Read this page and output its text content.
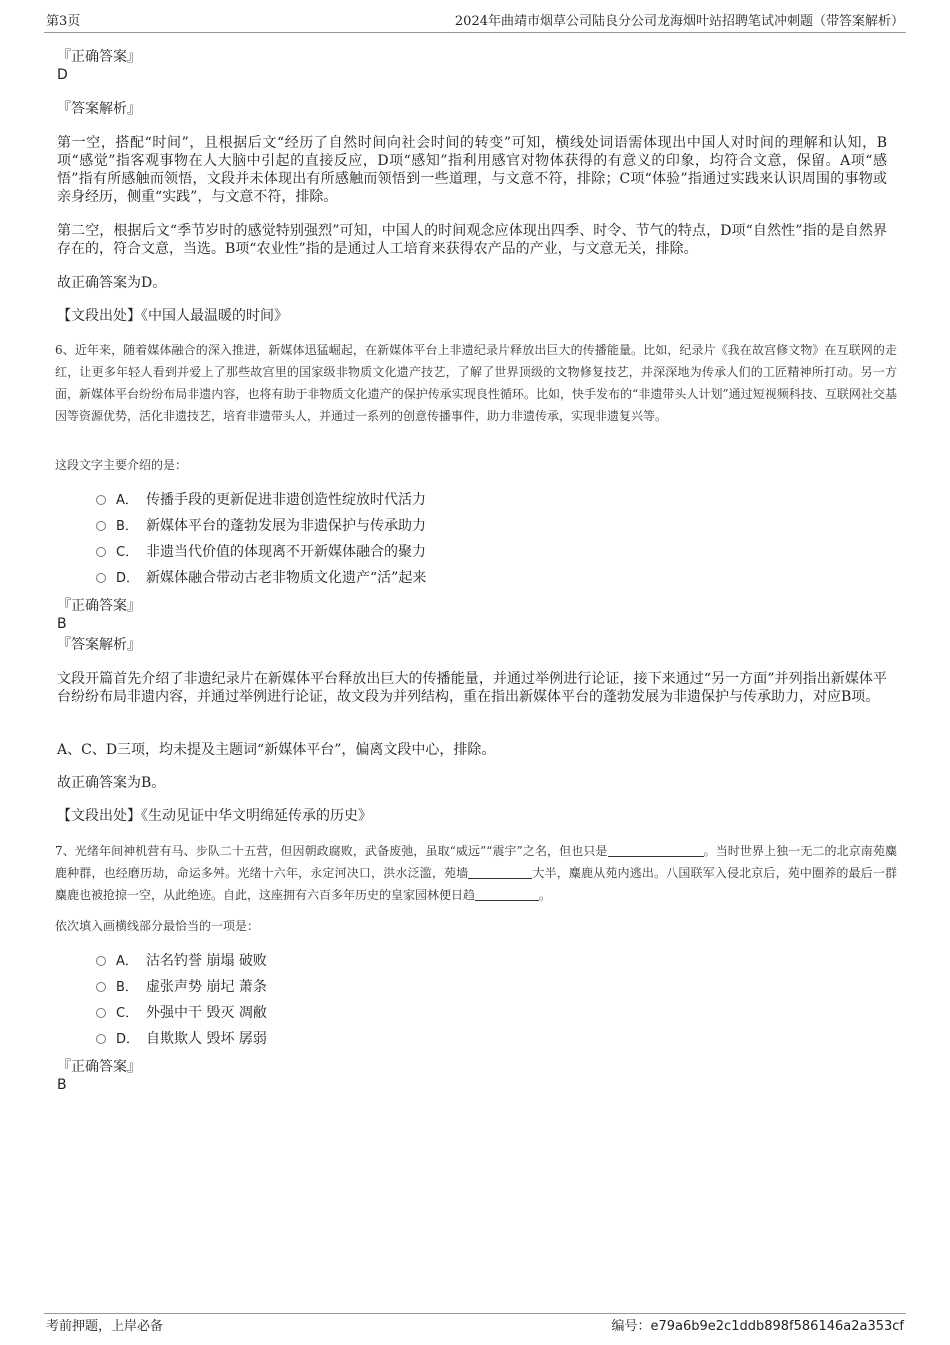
第3页	2024年曲靖市烟草公司陆良分公司龙海烟叶站招聘笔试冲刺题（带答案解析）
『正确答案』
D
『答案解析』

第一空，搭配“时间”，且根据后文“经历了自然时间向社会时间的转变”可知，横线处词语需体现出中国人对时间的理解和认知，B项“感觉”指客观事物在人大脑中引起的直接反应，D项“感知”指利用感官对物体获得的有意义的印象，均符合文意，保留。A项“感悟”指有所感触而领悟，文段并未体现出有所感触而领悟到一些道理，与文意不符，排除；C项“体验”指通过实践来认识周围的事物或亲身经历，侧重“实践”，与文意不符，排除。

第二空，根据后文“季节岁时的感觉特别强烈”可知，中国人的时间观念应体现出四季、时令、节气的特点，D项“自然性”指的是自然界存在的，符合文意，当选。B项“农业性”指的是通过人工培育来获得农产品的产业，与文意无关，排除。

故正确答案为D。

【文段出处】《中国人最温暖的时间》

6、近年来，随着媒体融合的深入推进，新媒体迅猛崛起，在新媒体平台上非遗纪录片释放出巨大的传播能量。比如，纪录片《我在故宫修文物》在互联网的走红，让更多年轻人看到并爱上了那些故宫里的国家级非物质文化遗产技艺，了解了世界顶级的文物修复技艺，并深深地为传承人们的工匠精神所打动。另一方面，新媒体平台纷纷布局非遗内容，也将有助于非物质文化遗产的保护传承实现良性循环。比如，快手发布的“非遗带头人计划”通过短视频科技、互联网社交基因等资源优势，活化非遗技艺，培育非遗带头人，并通过一系列的创意传播事件，助力非遗传承，实现非遗复兴等。

这段文字主要介绍的是：

A． 传播手段的更新促进非遗创造性绽放时代活力
B． 新媒体平台的蓬勃发展为非遗保护与传承助力
C． 非遗当代价值的体现离不开新媒体融合的聚力
D． 新媒体融合带动古老非物质文化遗产“活”起来
『正确答案』
B
『答案解析』

文段开篇首先介绍了非遗纪录片在新媒体平台释放出巨大的传播能量，并通过举例进行论证，接下来通过“另一方面”并列指出新媒体平台纷纷布局非遗内容，并通过举例进行论证，故文段为并列结构，重在指出新媒体平台的蓬勃发展为非遗保护与传承助力，对应B项。

A、C、D三项，均未提及主题词“新媒体平台”，偏离文段中心，排除。

故正确答案为B。

【文段出处】《生动见证中华文明绵延传承的历史》

7、光绪年间神机营有马、步队二十五营，但因朝政腐败，武备废弛，虽取“威远”“震宇”之名，但也只是	。当时世界上独一无二的北京南苑麋鹿种群，也经磨历劫，命运多舛。光绪十六年，永定河决口，洪水泛滥，苑墙	大半，麋鹿从苑内逃出。八国联军入侵北京后，苑中圈养的最后一群麋鹿也被抢掠一空，从此绝迹。自此，这座拥有六百多年历史的皇家园林便日趋	。

依次填入画横线部分最恰当的一项是：

A． 沽名钓誉 崩塌 破败
B． 虚张声势 崩圮 萧条
C． 外强中干 毁灭 凋敝
D． 自欺欺人 毁坏 孱弱
『正确答案』
B
考前押题，上岸必备	编号：e79a6b9e2c1ddb898f586146a2a353cf
